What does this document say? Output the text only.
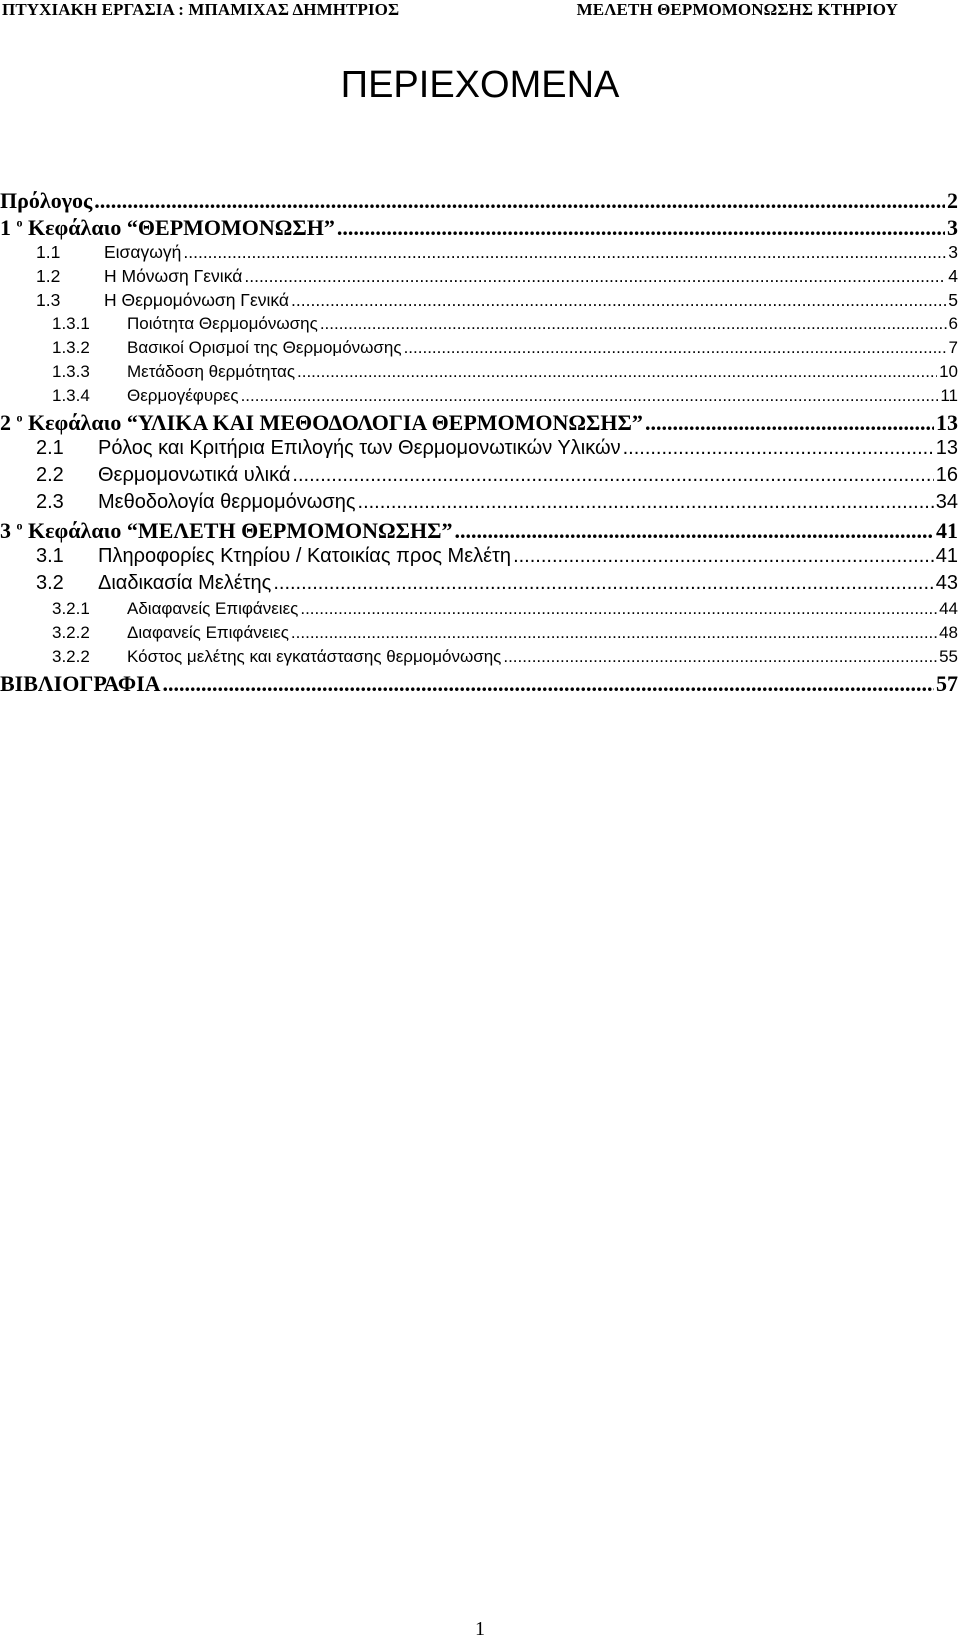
ΠΤΥΧΙΑΚΗ ΕΡΓΑΣΙΑ : ΜΠΑΜΙΧΑΣ ΔΗΜΗΤΡΙΟΣ	ΜΕΛΕΤΗ ΘΕΡΜΟΜΟΝΩΣΗΣ ΚΤΗΡΙΟΥ
ΠΕΡΙΕΧΟΜΕΝΑ
Πρόλογος .....	2
1 $^o$ Κεφάλαιο “ΘΕΡΜΟΜΟΝΩΣΗ” .....	3
1.1	Εισαγωγή .....	3
1.2	Η Μόνωση Γενικά .....	4
1.3	Η Θερμομόνωση Γενικά .....	5
1.3.1	Ποιότητα Θερμομόνωσης .....	6
1.3.2	Βασικοί Ορισμοί της Θερμομόνωσης .....	7
1.3.3	Μετάδοση θερμότητας .....	10
1.3.4	Θερμογέφυρες .....	11
2 $^o$ Κεφάλαιο “ΥΛΙΚΑ ΚΑΙ ΜΕΘΟΔΟΛΟΓΙΑ ΘΕΡΜΟΜΟΝΩΣΗΣ” .....	13
2.1	Ρόλος και Κριτήρια Επιλογής των Θερμομονωτικών Υλικών .....	13
2.2	Θερμομονωτικά υλικά .....	16
2.3	Μεθοδολογία θερμομόνωσης .....	34
3 $^o$ Κεφάλαιο “ΜΕΛΕΤΗ ΘΕΡΜΟΜΟΝΩΣΗΣ” .....	41
3.1	Πληροφορίες Κτηρίου / Κατοικίας προς Μελέτη .....	41
3.2	Διαδικασία Μελέτης .....	43
3.2.1	Αδιαφανείς Επιφάνειες .....	44
3.2.2	Διαφανείς Επιφάνειες .....	48
3.2.2	Κόστος μελέτης και εγκατάστασης θερμομόνωσης .....	55
ΒΙΒΛΙΟΓΡΑΦΙΑ .....	57
1
